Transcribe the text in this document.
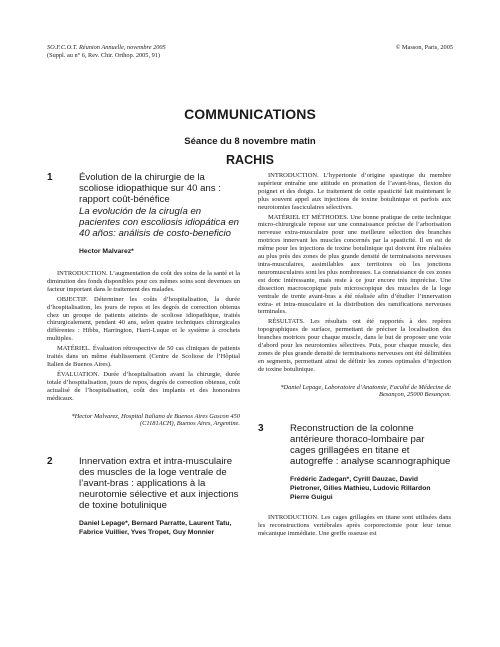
SO.F.C.O.T. Réunion Annuelle, novembre 2005
(Suppl. au n° 6, Rev. Chir. Orthop. 2005, 91)
© Masson, Paris, 2005
COMMUNICATIONS
Séance du 8 novembre matin
RACHIS
1	Évolution de la chirurgie de la scoliose idiopathique sur 40 ans : rapport coût-bénéfice
La evolución de la cirugía en pacientes con escoliosis idiopática en 40 años: análisis de costo-beneficio
Hector Malvarez*

INTRODUCTION. L’augmentation du coût des soins de la santé et la diminution des fonds disponibles pour ces mêmes soins sont devenues un facteur important dans le traitement des malades.

OBJECTIF. Déterminer les coûts d’hospitalisation, la durée d’hospitalisation, les jours de repos et les degrés de correction obtenus chez un groupe de patients atteints de scoliose idiopathique, traités chirurgicalement, pendant 40 ans, selon quatre techniques chirurgicales différentes : Hibbs, Harrington, Harri-Luque et le système à crochets multiples.

MATÉRIEL. Évaluation rétrospective de 50 cas cliniques de patients traités dans un même établissement (Centre de Scoliose de l’Hôpital Italien de Buenos Aires).

ÉVALUATION. Durée d’hospitalisation avant la chirurgie, durée totale d’hospitalisation, jours de repos, degrés de correction obtenus, coût actualisé de l’hospitalisation, coût des implants et des honoraires médicaux.

*Hector Malvarez, Hospital Italiano de Buenos Aires Gascon 450 (C1181ACH), Buenos Aires, Argentine.

2	Innervation extra et intra-musculaire des muscles de la loge ventrale de l’avant-bras : applications à la neurotomie sélective et aux injections de toxine botulinique
Daniel Lepage*, Bernard Parratte, Laurent Tatu, Fabrice Vuillier, Yves Tropet, Guy Monnier

INTRODUCTION. L’hypertonie d’origine spastique du membre supérieur entraîne une attitude en pronation de l’avant-bras, flexion du poignet et des doigts. Le traitement de cette spasticité fait maintenant le plus souvent appel aux injections de toxine botulinique et parfois aux neurotomies fasciculaires sélectives.

MATÉRIEL ET MÉTHODES. Une bonne pratique de cette technique micro-chirurgicale repose sur une connaissance précise de l’arborisation nerveuse extra-musculaire pour une meilleure sélection des branches motrices innervant les muscles concernés par la spasticité. Il en est de même pour les injections de toxine botulinique qui doivent être réalisées au plus près des zones de plus grande densité de terminaisons nerveuses intra-musculaires, assimilables aux territoires où les jonctions neuromusculaires sont les plus nombreuses. La connaissance de ces zones est donc intéressante, mais reste à ce jour encore très imprécise. Une dissection macroscopique puis microscopique des muscles de la loge ventrale de trente avant-bras a été réalisée afin d’étudier l’innervation extra- et intra-musculaire et la distribution des ramifications nerveuses terminales.

RÉSULTATS. Les résultats ont été rapportés à des repères topographiques de surface, permettant de préciser la localisation des branches motrices pour chaque muscle, dans le but de proposer une voie d’abord pour les neurotomies sélectives. Puis, pour chaque muscle, des zones de plus grande densité de terminaisons nerveuses ont été délimitées en segments, permettant ainsi de définir les zones optimales d’injection de toxine botulinique.

*Daniel Lepage, Laboratoire d’Anatomie, Faculté de Médecine de Besançon, 25000 Besançon.

3	Reconstruction de la colonne antérieure thoraco-lombaire par cages grillagées en titane et autogreffe : analyse scannographique
Frédéric Zadegan*, Cyrill Dauzac, David Pietroner, Gilles Mathieu, Ludovic Rillardon Pierre Guigui

INTRODUCTION. Les cages grillagées en titane sont utilisées dans les reconstructions vertébrales après corporectomie pour leur tenue mécanique immédiate. Une greffe osseuse est
